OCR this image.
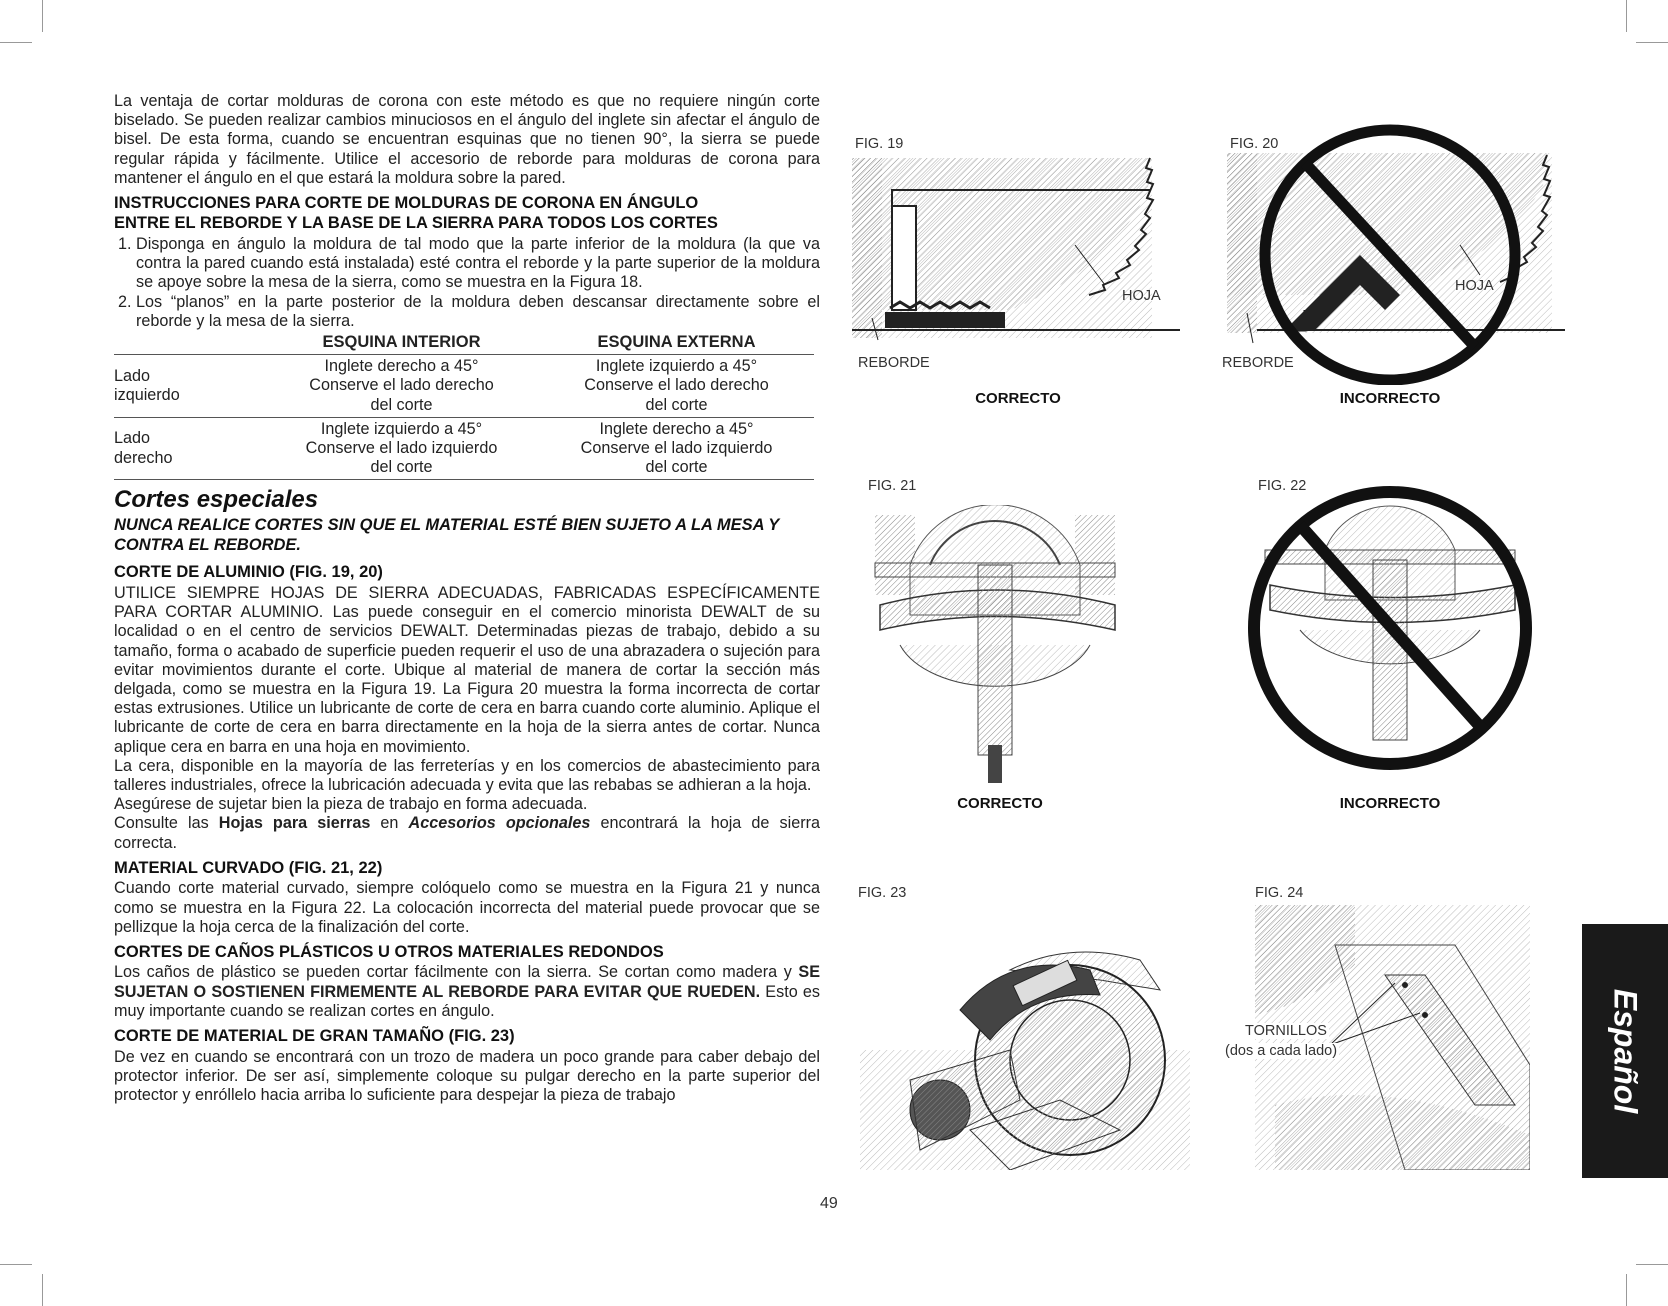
La ventaja de cortar molduras de corona con este método es que no requiere ningún corte biselado. Se pueden realizar cambios minuciosos en el ángulo del inglete sin afectar el ángulo de bisel. De esta forma, cuando se encuentran esquinas que no tienen 90°, la sierra se puede regular rápida y fácilmente. Utilice el accesorio de reborde para molduras de corona para mantener el ángulo en el que estará la moldura sobre la pared.

INSTRUCCIONES PARA CORTE DE MOLDURAS DE CORONA EN ÁNGULO
ENTRE EL REBORDE Y LA BASE DE LA SIERRA PARA TODOS LOS CORTES
1. Disponga en ángulo la moldura de tal modo que la parte inferior de la moldura (la que va contra la pared cuando está instalada) esté contra el reborde y la parte superior de la moldura se apoye sobre la mesa de la sierra, como se muestra en la Figura 18.
2. Los “planos” en la parte posterior de la moldura deben descansar directamente sobre el reborde y la mesa de la sierra.
	ESQUINA INTERIOR	ESQUINA EXTERNA
Lado
izquierdo	Inglete derecho a 45°
Conserve el lado derecho
del corte	Inglete izquierdo a 45°
Conserve el lado derecho
del corte
Lado
derecho	Inglete izquierdo a 45°
Conserve el lado izquierdo
del corte	Inglete derecho a 45°
Conserve el lado izquierdo
del corte
Cortes especiales
NUNCA REALICE CORTES SIN QUE EL MATERIAL ESTÉ BIEN SUJETO A LA MESA Y CONTRA EL REBORDE.
CORTE DE ALUMINIO (FIG. 19, 20)

UTILICE SIEMPRE HOJAS DE SIERRA ADECUADAS, FABRICADAS ESPECÍFICAMENTE PARA CORTAR ALUMINIO. Las puede conseguir en el comercio minorista DEWALT de su localidad o en el centro de servicios DEWALT. Determinadas piezas de trabajo, debido a su tamaño, forma o acabado de superficie pueden requerir el uso de una abrazadera o sujeción para evitar movimientos durante el corte. Ubique al material de manera de cortar la sección más delgada, como se muestra en la Figura 19. La Figura 20 muestra la forma incorrecta de cortar estas extrusiones. Utilice un lubricante de corte de cera en barra cuando corte aluminio. Aplique el lubricante de corte de cera en barra directamente en la hoja de la sierra antes de cortar. Nunca aplique cera en barra en una hoja en movimiento.

La cera, disponible en la mayoría de las ferreterías y en los comercios de abastecimiento para talleres industriales, ofrece la lubricación adecuada y evita que las rebabas se adhieran a la hoja.

Asegúrese de sujetar bien la pieza de trabajo en forma adecuada.

Consulte las Hojas para sierras en Accesorios opcionales encontrará la hoja de sierra correcta.

MATERIAL CURVADO (FIG. 21, 22)

Cuando corte material curvado, siempre colóquelo como se muestra en la Figura 21 y nunca como se muestra en la Figura 22. La colocación incorrecta del material puede provocar que se pellizque la hoja cerca de la finalización del corte.

CORTES DE CAÑOS PLÁSTICOS U OTROS MATERIALES REDONDOS

Los caños de plástico se pueden cortar fácilmente con la sierra. Se cortan como madera y SE SUJETAN O SOSTIENEN FIRMEMENTE AL REBORDE PARA EVITAR QUE RUEDEN. Esto es muy importante cuando se realizan cortes en ángulo.

CORTE DE MATERIAL DE GRAN TAMAÑO (FIG. 23)

De vez en cuando se encontrará con un trozo de madera un poco grande para caber debajo del protector inferior. De ser así, simplemente coloque su pulgar derecho en la parte superior del protector y enróllelo hacia arriba lo suficiente para despejar la pieza de trabajo

FIG. 19
HOJA
REBORDE
CORRECTO
FIG. 20
HOJA
REBORDE
INCORRECTO
FIG. 21
CORRECTO
FIG. 22
INCORRECTO
FIG. 23	FIG. 24
TORNILLOS
(dos a cada lado)	Español
49
